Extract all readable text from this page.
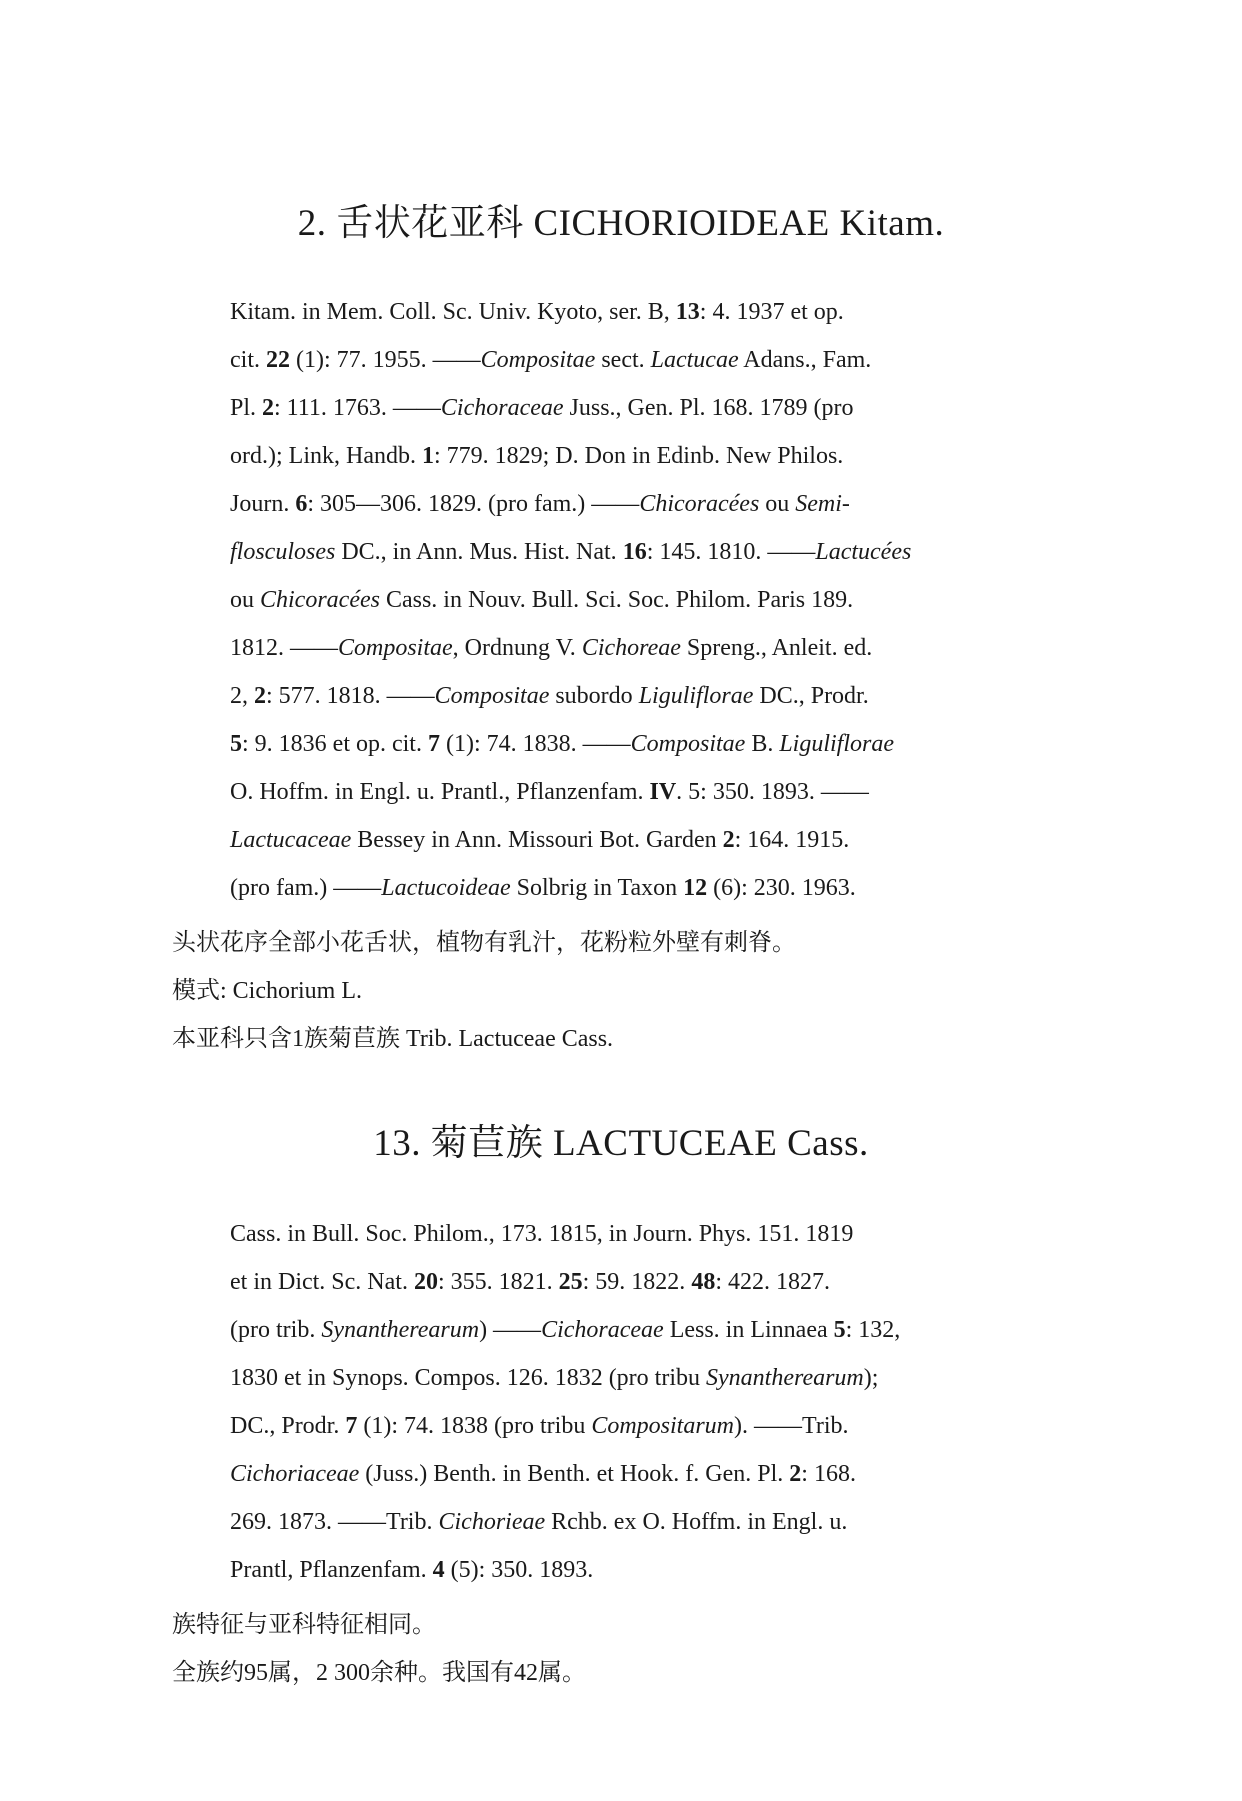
2. 舌状花亚科 CICHORIOIDEAE Kitam.
Kitam. in Mem. Coll. Sc. Univ. Kyoto, ser. B, 13: 4. 1937 et op.
cit. 22 (1): 77. 1955. ——Compositae sect. Lactucae Adans., Fam.
Pl. 2: 111. 1763. ——Cichoraceae Juss., Gen. Pl. 168. 1789 (pro
ord.); Link, Handb. 1: 779. 1829; D. Don in Edinb. New Philos.
Journ. 6: 305—306. 1829. (pro fam.) ——Chicoracées ou Semi-
flosculoses DC., in Ann. Mus. Hist. Nat. 16: 145. 1810. ——Lactucées
ou Chicoracées Cass. in Nouv. Bull. Sci. Soc. Philom. Paris 189.
1812. ——Compositae, Ordnung V. Cichoreae Spreng., Anleit. ed.
2, 2: 577. 1818. ——Compositae subordo Liguliflorae DC., Prodr.
5: 9. 1836 et op. cit. 7 (1): 74. 1838. ——Compositae B. Liguliflorae
O. Hoffm. in Engl. u. Prantl., Pflanzenfam. IV. 5: 350. 1893. ——
Lactucaceae Bessey in Ann. Missouri Bot. Garden 2: 164. 1915.
(pro fam.) ——Lactucoideae Solbrig in Taxon 12 (6): 230. 1963.
头状花序全部小花舌状，植物有乳汁，花粉粒外壁有刺脊。
模式: Cichorium L.
本亚科只含1族菊苣族 Trib. Lactuceae Cass.
13. 菊苣族 LACTUCEAE Cass.
Cass. in Bull. Soc. Philom., 173. 1815, in Journ. Phys. 151. 1819
et in Dict. Sc. Nat. 20: 355. 1821. 25: 59. 1822. 48: 422. 1827.
(pro trib. Synantherearum) ——Cichoraceae Less. in Linnaea 5: 132,
1830 et in Synops. Compos. 126. 1832 (pro tribu Synantherearum);
DC., Prodr. 7 (1): 74. 1838 (pro tribu Compositarum). ——Trib.
Cichoriaceae (Juss.) Benth. in Benth. et Hook. f. Gen. Pl. 2: 168.
269. 1873. ——Trib. Cichorieae Rchb. ex O. Hoffm. in Engl. u.
Prantl, Pflanzenfam. 4 (5): 350. 1893.
族特征与亚科特征相同。
全族约95属，2 300余种。我国有42属。
